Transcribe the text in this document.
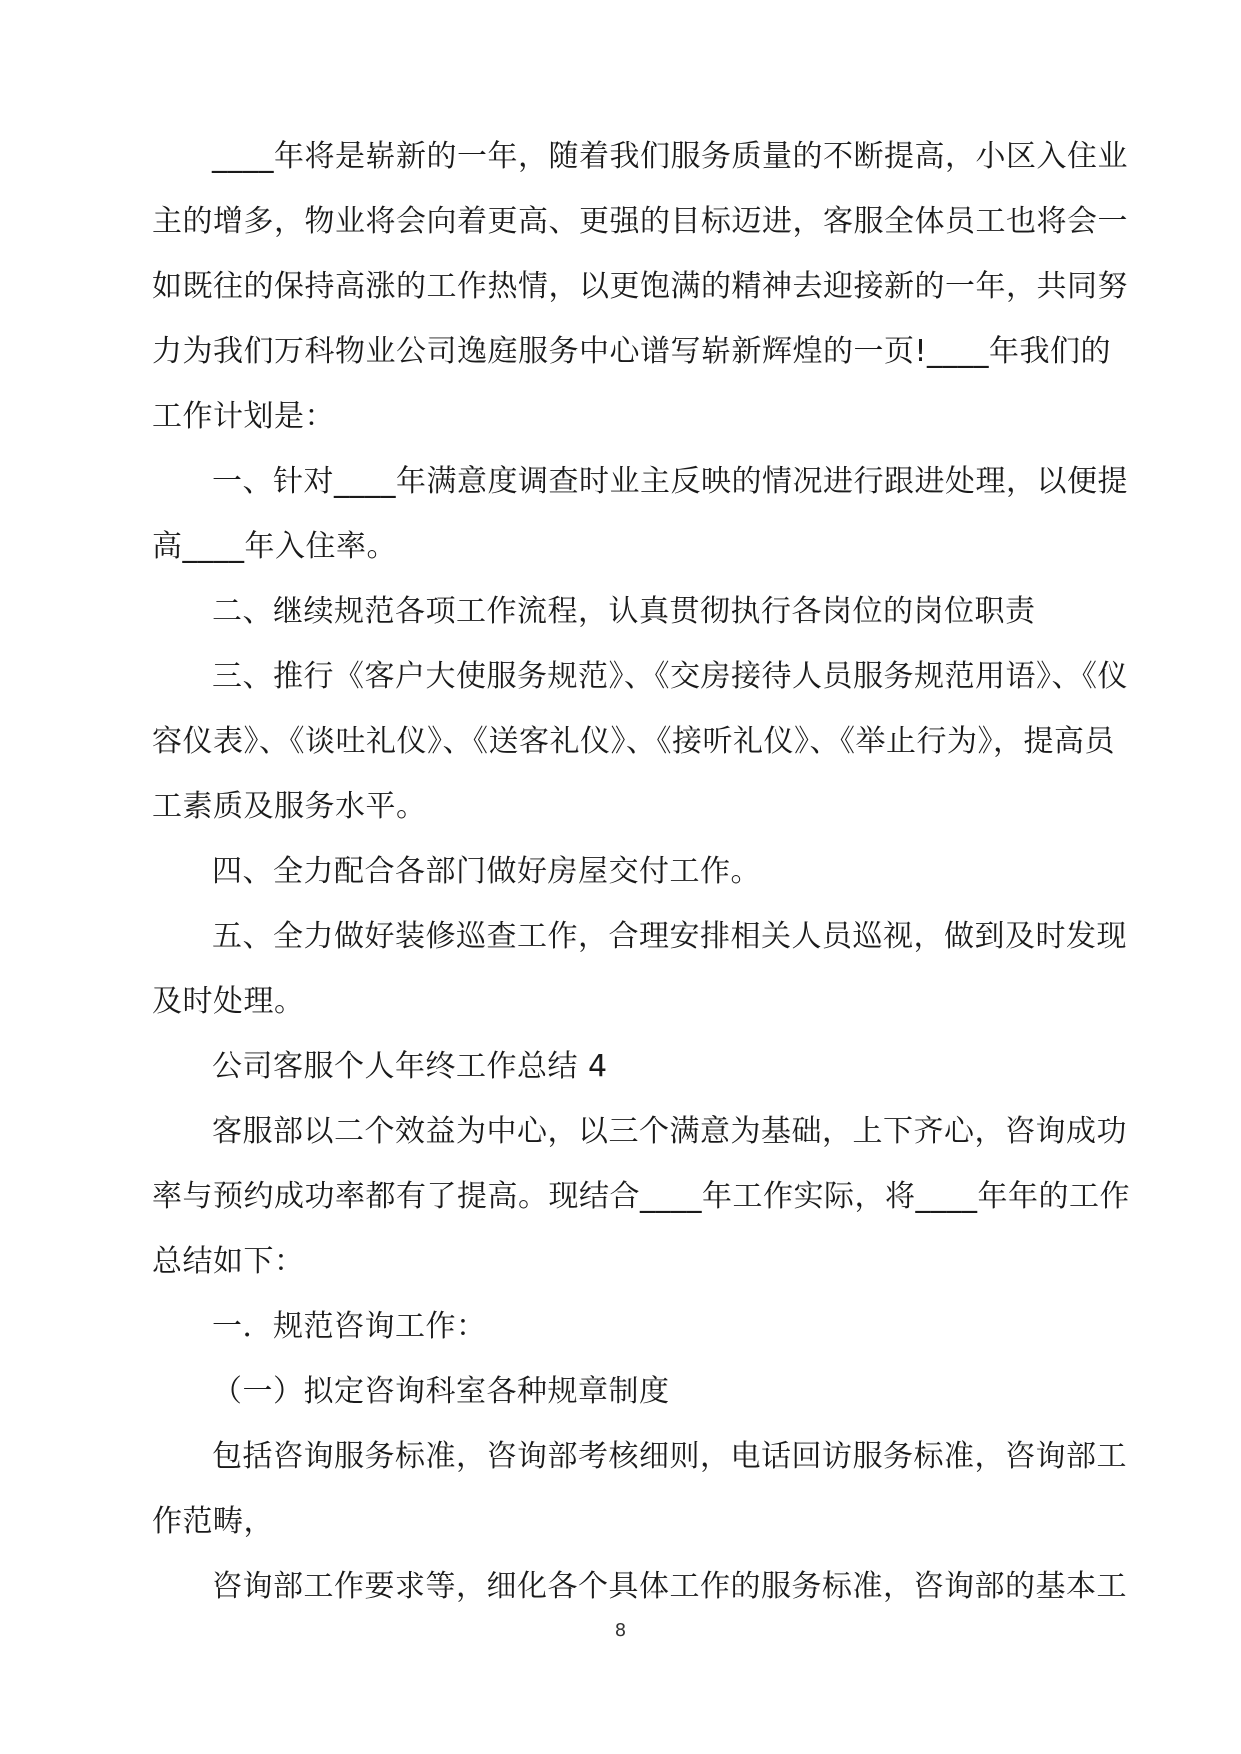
____年将是崭新的一年，随着我们服务质量的不断提高，小区入住业
主的增多，物业将会向着更高、更强的目标迈进，客服全体员工也将会一
如既往的保持高涨的工作热情，以更饱满的精神去迎接新的一年，共同努
力为我们万科物业公司逸庭服务中心谱写崭新辉煌的一页!____年我们的
工作计划是：
一、针对____年满意度调查时业主反映的情况进行跟进处理，以便提
高____年入住率。
二、继续规范各项工作流程，认真贯彻执行各岗位的岗位职责
三、推行《客户大使服务规范》、《交房接待人员服务规范用语》、《仪
容仪表》、《谈吐礼仪》、《送客礼仪》、《接听礼仪》、《举止行为》，提高员
工素质及服务水平。
四、全力配合各部门做好房屋交付工作。
五、全力做好装修巡查工作，合理安排相关人员巡视，做到及时发现
及时处理。
公司客服个人年终工作总结 4
客服部以二个效益为中心，以三个满意为基础，上下齐心，咨询成功
率与预约成功率都有了提高。现结合____年工作实际，将____年年的工作
总结如下：
一．规范咨询工作：
（一）拟定咨询科室各种规章制度
包括咨询服务标准，咨询部考核细则，电话回访服务标准，咨询部工
作范畴，
咨询部工作要求等，细化各个具体工作的服务标准，咨询部的基本工

8
